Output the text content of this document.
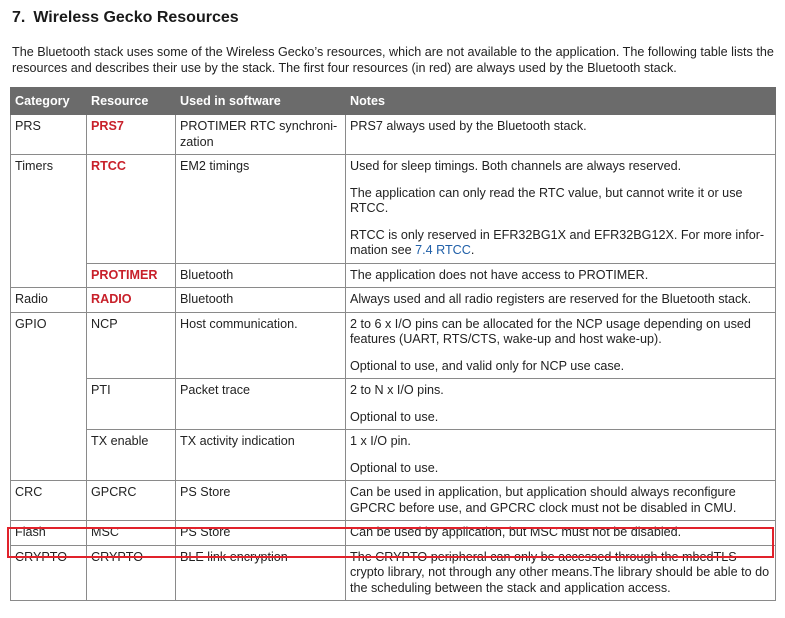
7. Wireless Gecko Resources
The Bluetooth stack uses some of the Wireless Gecko’s resources, which are not available to the application. The following table lists the resources and describes their use by the stack. The first four resources (in red) are always used by the Bluetooth stack.
Category	Resource	Used in software	Notes
PRS	PRS7	PROTIMER RTC synchroni-zation	PRS7 always used by the Bluetooth stack.

Timers	RTCC	EM2 timings	Used for sleep timings. Both channels are always reserved.

The application can only read the RTC value, but cannot write it or use RTCC.

RTCC is only reserved in EFR32BG1X and EFR32BG12X. For more infor-mation see 7.4 RTCC.

	PROTIMER	Bluetooth	The application does not have access to PROTIMER.

Radio	RADIO	Bluetooth	Always used and all radio registers are reserved for the Bluetooth stack.

GPIO	NCP	Host communication.	2 to 6 x I/O pins can be allocated for the NCP usage depending on used features (UART, RTS/CTS, wake-up and host wake-up).

Optional to use, and valid only for NCP use case.

	PTI	Packet trace	2 to N x I/O pins.

Optional to use.

	TX enable	TX activity indication	1 x I/O pin.

Optional to use.

CRC	GPCRC	PS Store	Can be used in application, but application should always reconfigure GPCRC before use, and GPCRC clock must not be disabled in CMU.

Flash	MSC	PS Store	Can be used by application, but MSC must not be disabled.

CRYPTO	CRYPTO	BLE link encryption	The CRYPTO peripheral can only be accessed through the mbedTLS crypto library, not through any other means.The library should be able to do the scheduling between the stack and application access.
